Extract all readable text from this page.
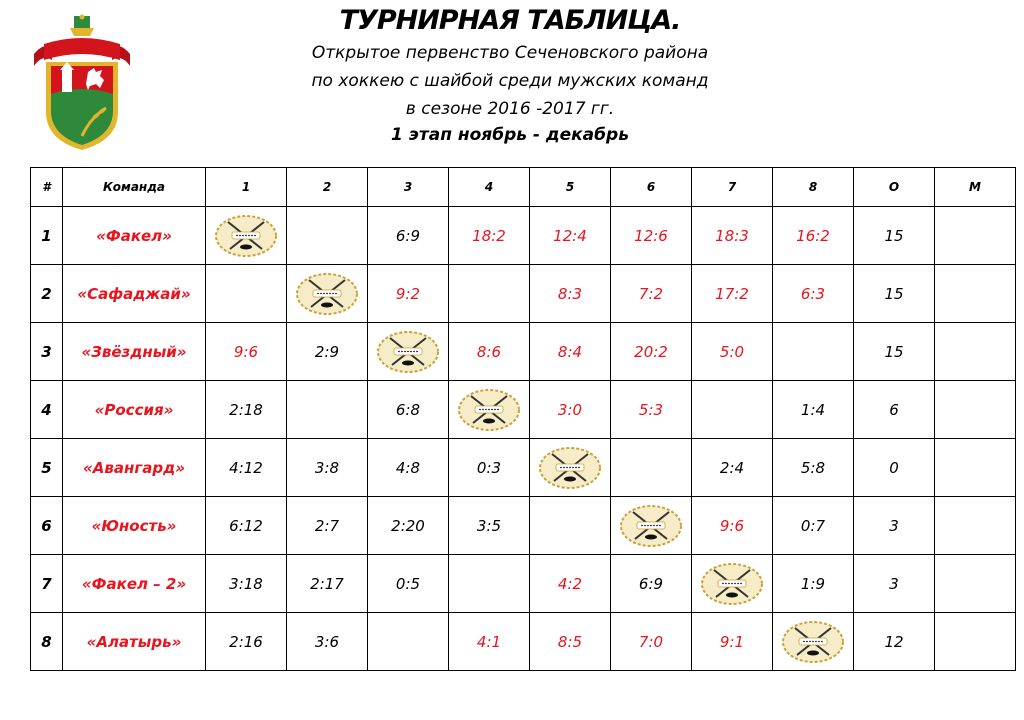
ТУРНИРНАЯ ТАБЛИЦА.
Открытое первенство Сеченовского района
по хоккею с шайбой среди мужских команд
в сезоне 2016 -2017 гг.
1 этап ноябрь - декабрь
#	Команда	1	2	3	4	5	6	7	8	О	М
1	«Факел»			6:9	18:2	12:4	12:6	18:3	16:2	15	
2	«Сафаджай»			9:2		8:3	7:2	17:2	6:3	15	
3	«Звёздный»	9:6	2:9		8:6	8:4	20:2	5:0		15	
4	«Россия»	2:18		6:8		3:0	5:3		1:4	6	
5	«Авангард»	4:12	3:8	4:8	0:3			2:4	5:8	0	
6	«Юность»	6:12	2:7	2:20	3:5			9:6	0:7	3	
7	«Факел – 2»	3:18	2:17	0:5		4:2	6:9		1:9	3	
8	«Алатырь»	2:16	3:6		4:1	8:5	7:0	9:1		12	
